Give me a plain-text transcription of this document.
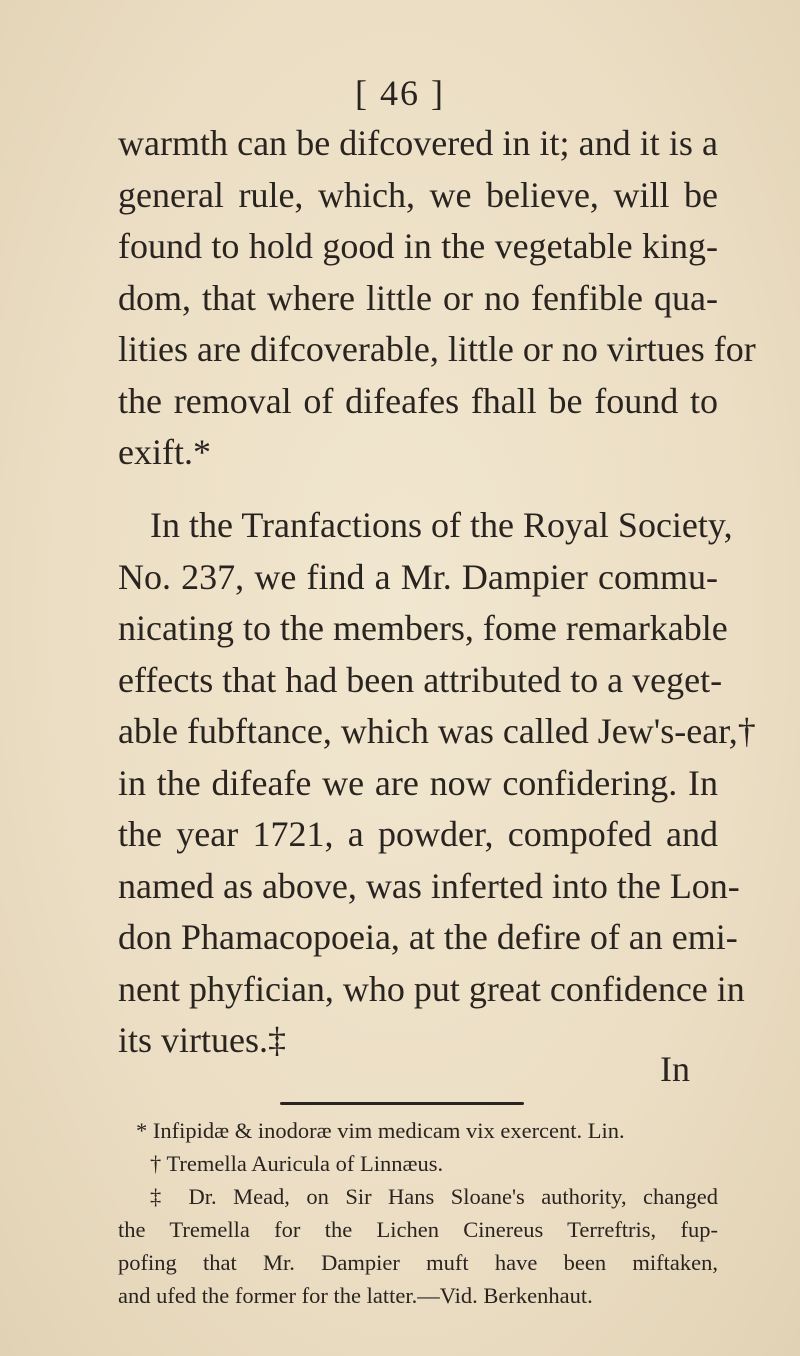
[ 46 ]
warmth can be difcovered in it; and it is a
general rule, which, we believe, will be
found to hold good in the vegetable king-
dom, that where little or no fenfible qua-
lities are difcoverable, little or no virtues for
the removal of difeafes fhall be found to
exift.*
In the Tranfactions of the Royal Society,
No. 237, we find a Mr. Dampier commu-
nicating to the members, fome remarkable
effects that had been attributed to a veget-
able fubftance, which was called Jew's-ear,†
in the difeafe we are now confidering. In
the year 1721, a powder, compofed and
named as above, was inferted into the Lon-
don Phamacopoeia, at the defire of an emi-
nent phyfician, who put great confidence in
its virtues.‡
In
* Infipidæ & inodoræ vim medicam vix exercent. Lin.
† Tremella Auricula of Linnæus.
‡ Dr. Mead, on Sir Hans Sloane's authority, changed
the Tremella for the Lichen Cinereus Terreftris, fup-
pofing that Mr. Dampier muft have been miftaken,
and ufed the former for the latter.—Vid. Berkenhaut.
